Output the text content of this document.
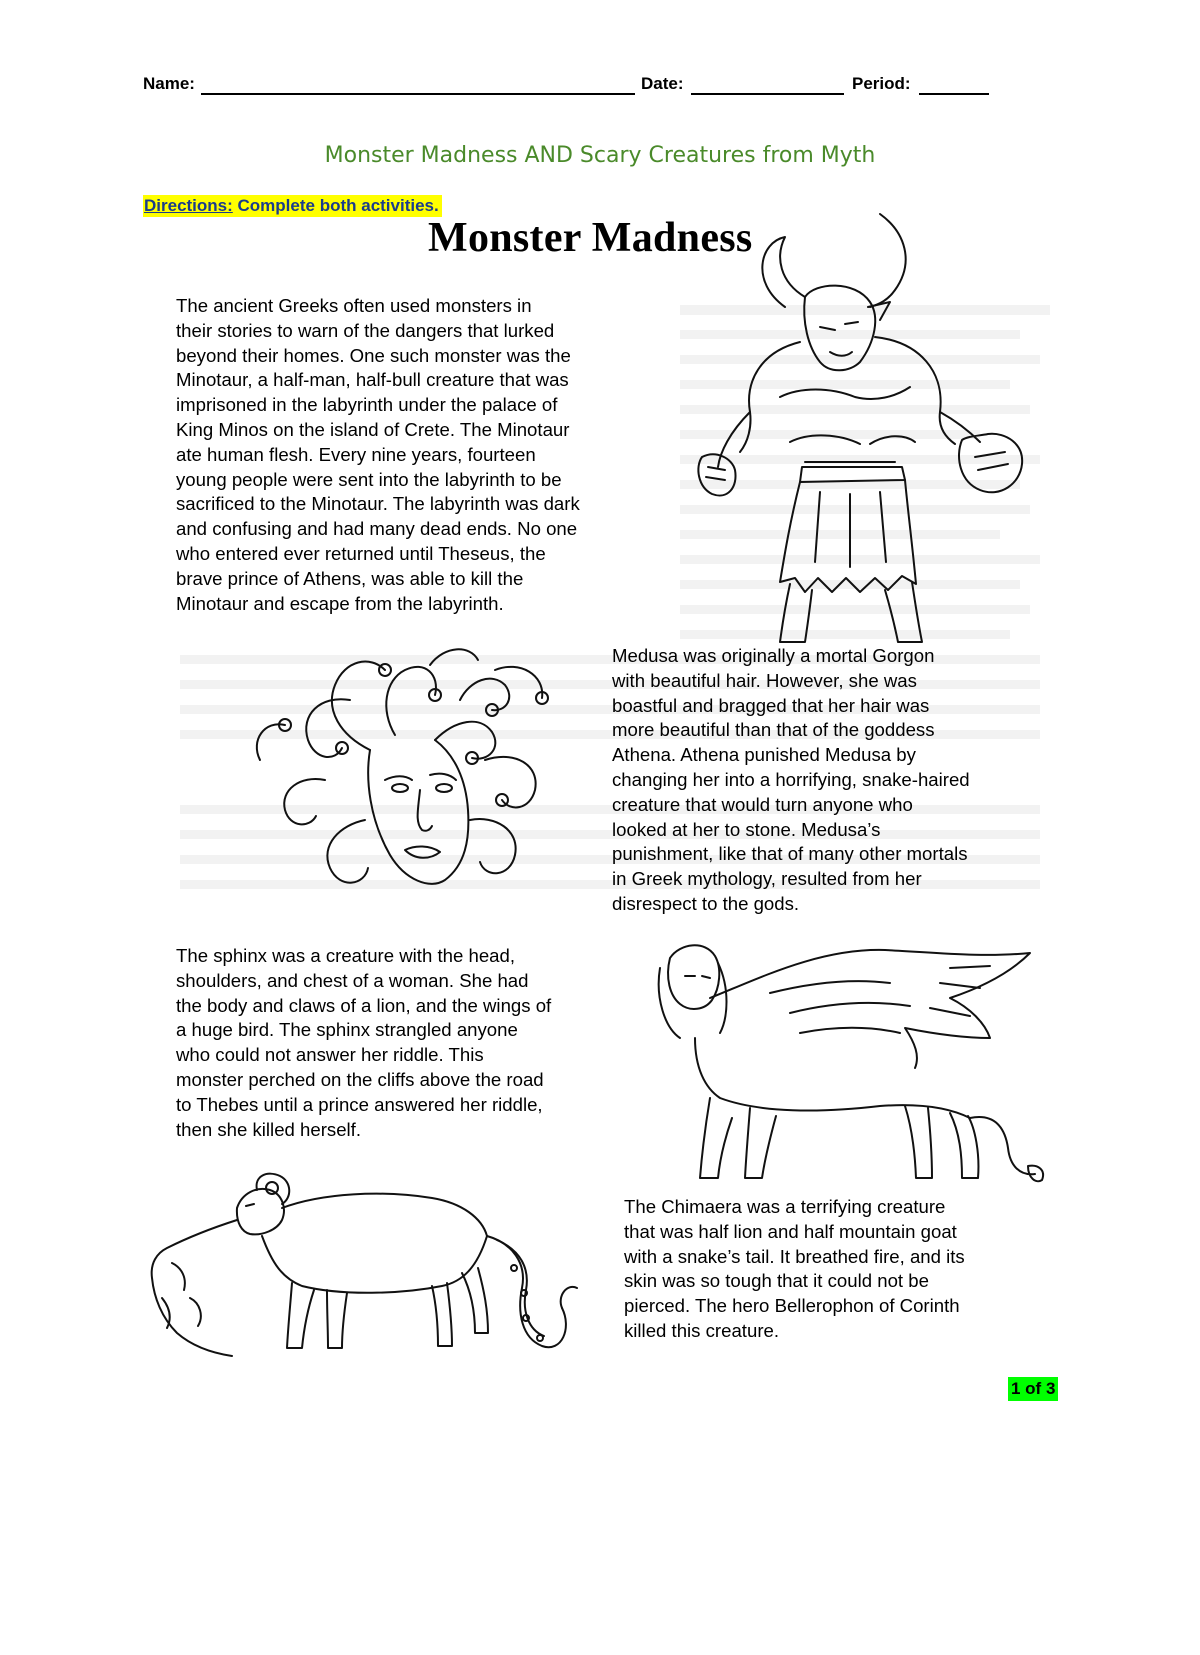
Name:	Date:	Period:
Monster Madness AND Scary Creatures from Myth
Directions: Complete both activities.

Monster Madness
The ancient Greeks often used monsters in
their stories to warn of the dangers that lurked
beyond their homes. One such monster was the
Minotaur, a half-man, half-bull creature that was
imprisoned in the labyrinth under the palace of
King Minos on the island of Crete. The Minotaur
ate human flesh. Every nine years, fourteen
young people were sent into the labyrinth to be
sacrificed to the Minotaur. The labyrinth was dark
and confusing and had many dead ends. No one
who entered ever returned until Theseus, the
brave prince of Athens, was able to kill the
Minotaur and escape from the labyrinth.
Medusa was originally a mortal Gorgon
with beautiful hair. However, she was
boastful and bragged that her hair was
more beautiful than that of the goddess
Athena. Athena punished Medusa by
changing her into a horrifying, snake-haired
creature that would turn anyone who
looked at her to stone. Medusa’s
punishment, like that of many other mortals
in Greek mythology, resulted from her
disrespect to the gods.
The sphinx was a creature with the head,
shoulders, and chest of a woman. She had
the body and claws of a lion, and the wings of
a huge bird. The sphinx strangled anyone
who could not answer her riddle. This
monster perched on the cliffs above the road
to Thebes until a prince answered her riddle,
then she killed herself.
The Chimaera was a terrifying creature
that was half lion and half mountain goat
with a snake’s tail. It breathed fire, and its
skin was so tough that it could not be
pierced. The hero Bellerophon of Corinth
killed this creature.
1 of 3
